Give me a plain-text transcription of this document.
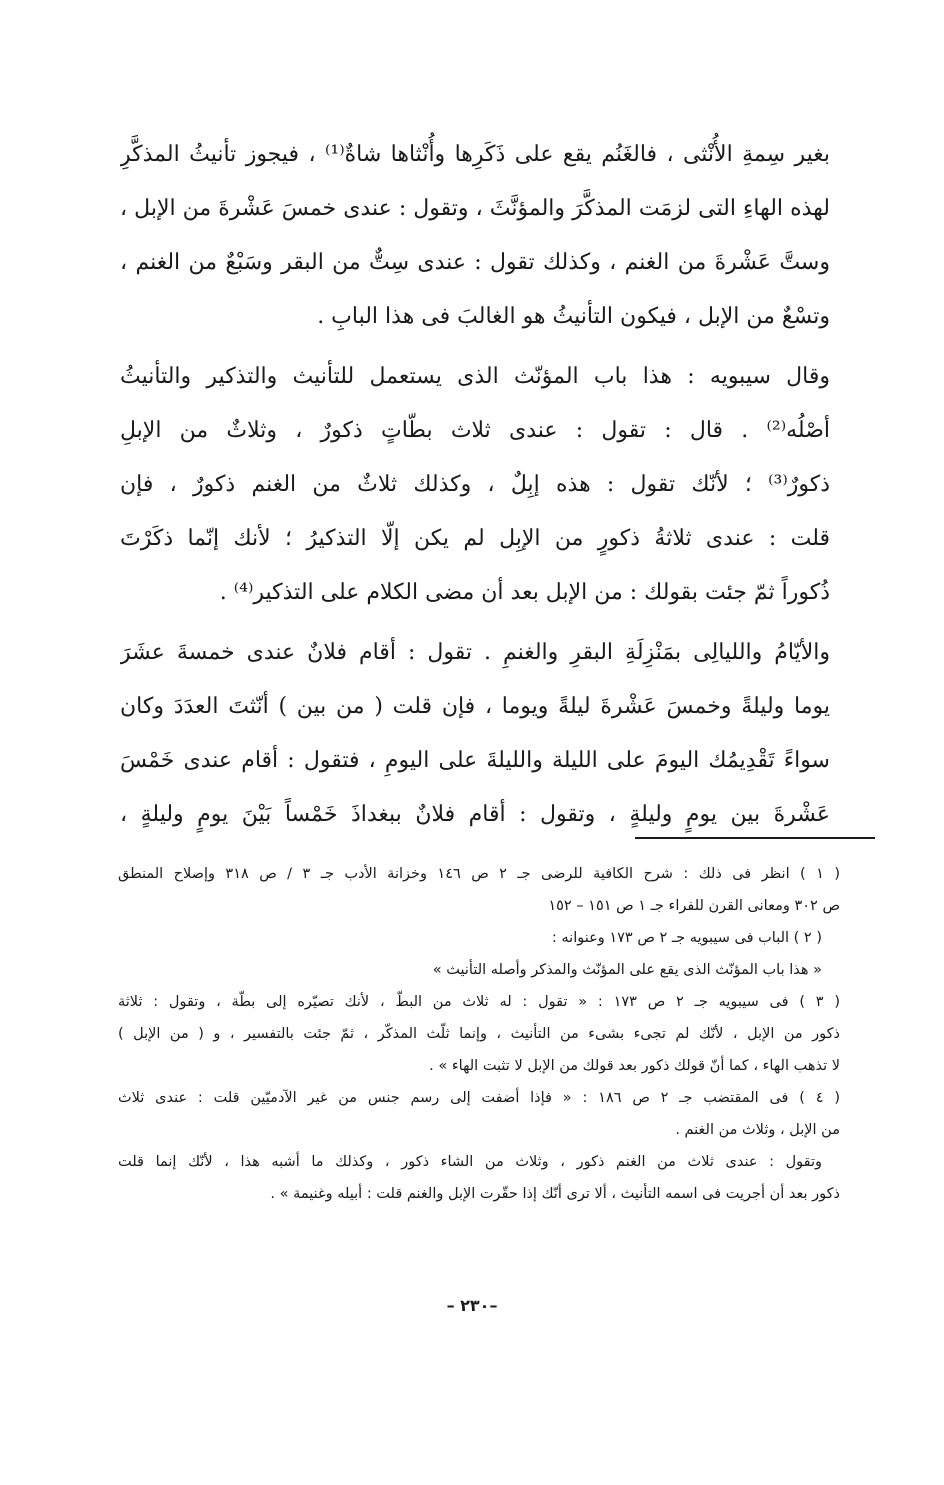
بغير سِمةِ الأُنْثى ، فالغَنُم يقع على ذَكَرِها وأُنْثاها شاةٌ⁽¹⁾ ، فيجوز تأنيثُ المذكَّرِ
لهذه الهاءِ التى لزمَت المذكَّرَ والمؤنَّثَ ، وتقول : عندى خمسَ عَشْرةَ من الإبل ،
وستَّ عَشْرةَ من الغنم ، وكذلك تقول : عندى سِتٌّ من البقر وسَبْعٌ من الغنم ،
وتسْعٌ من الإبل ، فيكون التأنيثُ هو الغالبَ فى هذا البابِ .

وقال سيبويه : هذا باب المؤنّث الذى يستعمل للتأنيث والتذكير والتأنيثُ
أصْلُه⁽²⁾ . قال : تقول : عندى ثلاث بطّاتٍ ذكورٌ ، وثلاثٌ من الإبلِ
ذكورٌ⁽³⁾ ؛ لأنّك تقول : هذه إبِلٌ ، وكذلك ثلاثٌ من الغنم ذكورٌ ، فإن
قلت : عندى ثلاثةُ ذكورٍ من الإبِل لم يكن إلّا التذكيرُ ؛ لأنك إنّما ذكَرْتَ
ذُكوراً ثمّ جئت بقولك : من الإبل بعد أن مضى الكلام على التذكير⁽⁴⁾ .

والأيّامُ والليالِى بمَنْزِلَةِ البقرِ والغنمِ . تقول : أقام فلانٌ عندى خمسةَ عشَرَ
يوما وليلةً وخمسَ عَشْرةَ ليلةً ويوما ، فإن قلت ( من بين ) أنّثتَ العدَدَ وكان
سواءً تَقْدِيمُك اليومَ على الليلة والليلةَ على اليومِ ، فتقول : أقام عندى خَمْسَ
عَشْرةَ بين يومٍ وليلةٍ ، وتقول : أقام فلانٌ ببغداذَ خَمْساً بَيْنَ يومٍ وليلةٍ ،

( ١ ) انظر فى ذلك : شرح الكافية للرضى جـ ٢ ص ١٤٦ وخزانة الأدب جـ ٣ / ص ٣١٨ وإصلاح المنطق
ص ٣٠٢ ومعانى القرن للفراء جـ ١ ص ١٥١ – ١٥٢
( ٢ ) الباب فى سيبويه جـ ٢ ص ١٧٣ وعنوانه :
« هذا باب المؤنّث الذى يقع على المؤنّث والمذكر وأصله التأنيث »
( ٣ ) فى سيبويه جـ ٢ ص ١٧٣ : « تقول : له ثلاث من البطّ ، لأنك تصيّره إلى بطّة ، وتقول : ثلاثة
ذكور من الإبل ، لأنّك لم تجىء بشىء من التأنيث ، وإنما ثلّث المذكّر ، ثمّ جئت بالتفسير ، و ( من الإبل )
لا تذهب الهاء ، كما أنّ قولك ذكور بعد قولك من الإبل لا تثبت الهاء » .
( ٤ ) فى المقتضب جـ ٢ ص ١٨٦ : « فإذا أضفت إلى رسم جنس من غير الآدميّين قلت : عندى ثلاث
من الإبل ، وثلاث من الغنم .
وتقول : عندى ثلاث من الغنم ذكور ، وثلاث من الشاء ذكور ، وكذلك ما أشبه هذا ، لأنّك إنما قلت
ذكور بعد أن أجريت فى اسمه التأنيث ، ألا ترى أنّك إذا حقّرت الإبل والغنم قلت : أبيله وغنيمة » .
–٢٣٠ –
